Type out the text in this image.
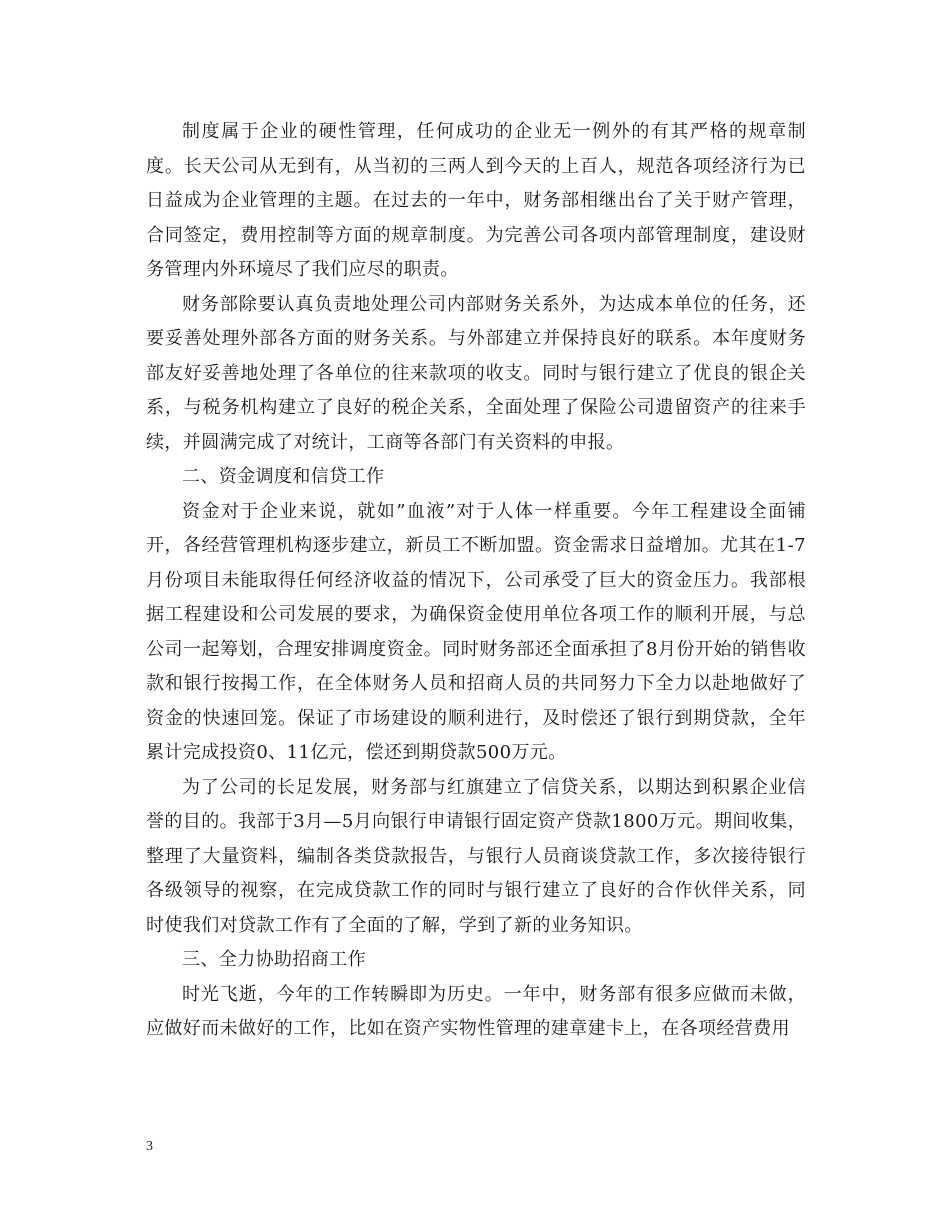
制度属于企业的硬性管理，任何成功的企业无一例外的有其严格的规章制度。长天公司从无到有，从当初的三两人到今天的上百人，规范各项经济行为已日益成为企业管理的主题。在过去的一年中，财务部相继出台了关于财产管理，合同签定，费用控制等方面的规章制度。为完善公司各项内部管理制度，建设财务管理内外环境尽了我们应尽的职责。

财务部除要认真负责地处理公司内部财务关系外，为达成本单位的任务，还要妥善处理外部各方面的财务关系。与外部建立并保持良好的联系。本年度财务部友好妥善地处理了各单位的往来款项的收支。同时与银行建立了优良的银企关系，与税务机构建立了良好的税企关系，全面处理了保险公司遗留资产的往来手续，并圆满完成了对统计，工商等各部门有关资料的申报。

二、资金调度和信贷工作

资金对于企业来说，就如”血液”对于人体一样重要。今年工程建设全面铺开，各经营管理机构逐步建立，新员工不断加盟。资金需求日益增加。尤其在1-7月份项目未能取得任何经济收益的情况下，公司承受了巨大的资金压力。我部根据工程建设和公司发展的要求，为确保资金使用单位各项工作的顺利开展，与总公司一起筹划，合理安排调度资金。同时财务部还全面承担了8月份开始的销售收款和银行按揭工作，在全体财务人员和招商人员的共同努力下全力以赴地做好了资金的快速回笼。保证了市场建设的顺利进行，及时偿还了银行到期贷款，全年累计完成投资0、11亿元，偿还到期贷款500万元。

为了公司的长足发展，财务部与红旗建立了信贷关系，以期达到积累企业信誉的目的。我部于3月—5月向银行申请银行固定资产贷款1800万元。期间收集，整理了大量资料，编制各类贷款报告，与银行人员商谈贷款工作，多次接待银行各级领导的视察，在完成贷款工作的同时与银行建立了良好的合作伙伴关系，同时使我们对贷款工作有了全面的了解，学到了新的业务知识。

三、全力协助招商工作

时光飞逝，今年的工作转瞬即为历史。一年中，财务部有很多应做而未做，应做好而未做好的工作，比如在资产实物性管理的建章建卡上，在各项经营费用

3
